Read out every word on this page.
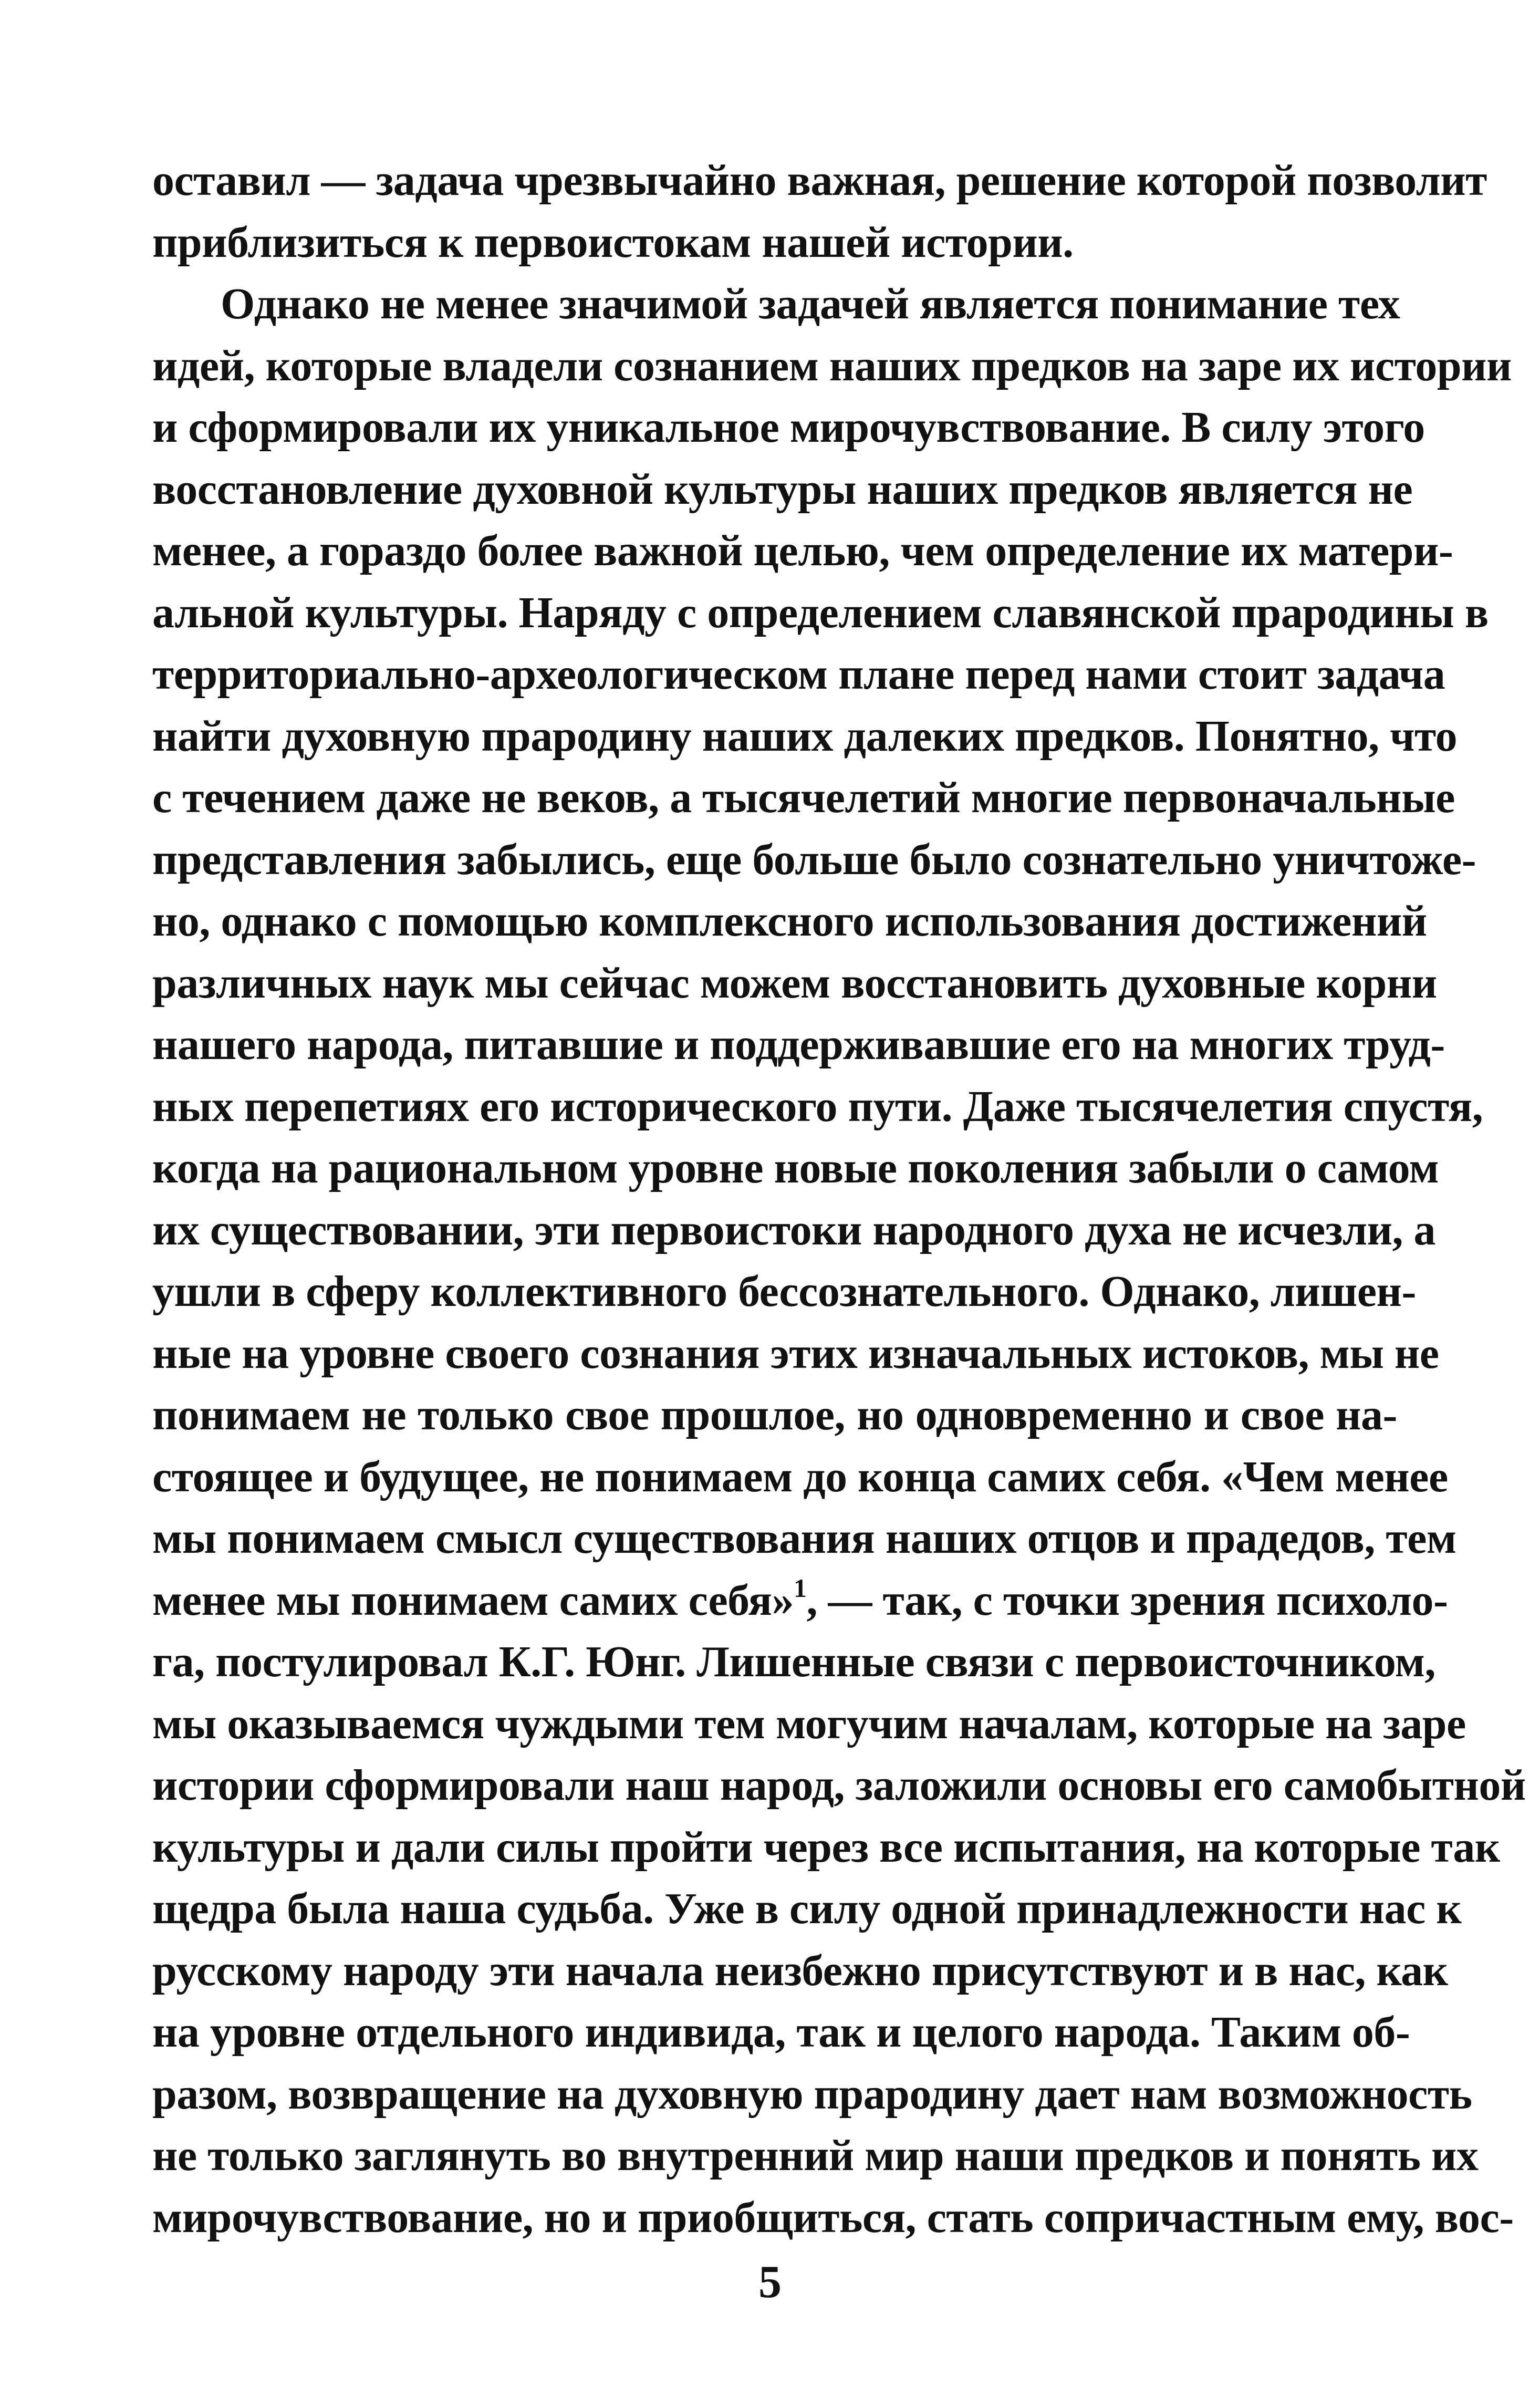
оставил — задача чрезвычайно важная, решение которой позволит
приблизиться к первоистокам нашей истории.
Однако не менее значимой задачей является понимание тех
идей, которые владели сознанием наших предков на заре их истории
и сформировали их уникальное мирочувствование. В силу этого
восстановление духовной культуры наших предков является не
менее, а гораздо более важной целью, чем определение их матери-
альной культуры. Наряду с определением славянской прародины в
территориально-археологическом плане перед нами стоит задача
найти духовную прародину наших далеких предков. Понятно, что
с течением даже не веков, а тысячелетий многие первоначальные
представления забылись, еще больше было сознательно уничтоже-
но, однако с помощью комплексного использования достижений
различных наук мы сейчас можем восстановить духовные корни
нашего народа, питавшие и поддерживавшие его на многих труд-
ных перепетиях его исторического пути. Даже тысячелетия спустя,
когда на рациональном уровне новые поколения забыли о самом
их существовании, эти первоистоки народного духа не исчезли, а
ушли в сферу коллективного бессознательного. Однако, лишен-
ные на уровне своего сознания этих изначальных истоков, мы не
понимаем не только свое прошлое, но одновременно и свое на-
стоящее и будущее, не понимаем до конца самих себя. «Чем менее
мы понимаем смысл существования наших отцов и прадедов, тем
менее мы понимаем самих себя»$^1$, — так, с точки зрения психоло-
га, постулировал К.Г. Юнг. Лишенные связи с первоисточником,
мы оказываемся чуждыми тем могучим началам, которые на заре
истории сформировали наш народ, заложили основы его самобытной
культуры и дали силы пройти через все испытания, на которые так
щедра была наша судьба. Уже в силу одной принадлежности нас к
русскому народу эти начала неизбежно присутствуют и в нас, как
на уровне отдельного индивида, так и целого народа. Таким об-
разом, возвращение на духовную прародину дает нам возможность
не только заглянуть во внутренний мир наши предков и понять их
мирочувствование, но и приобщиться, стать сопричастным ему, вос-
5
